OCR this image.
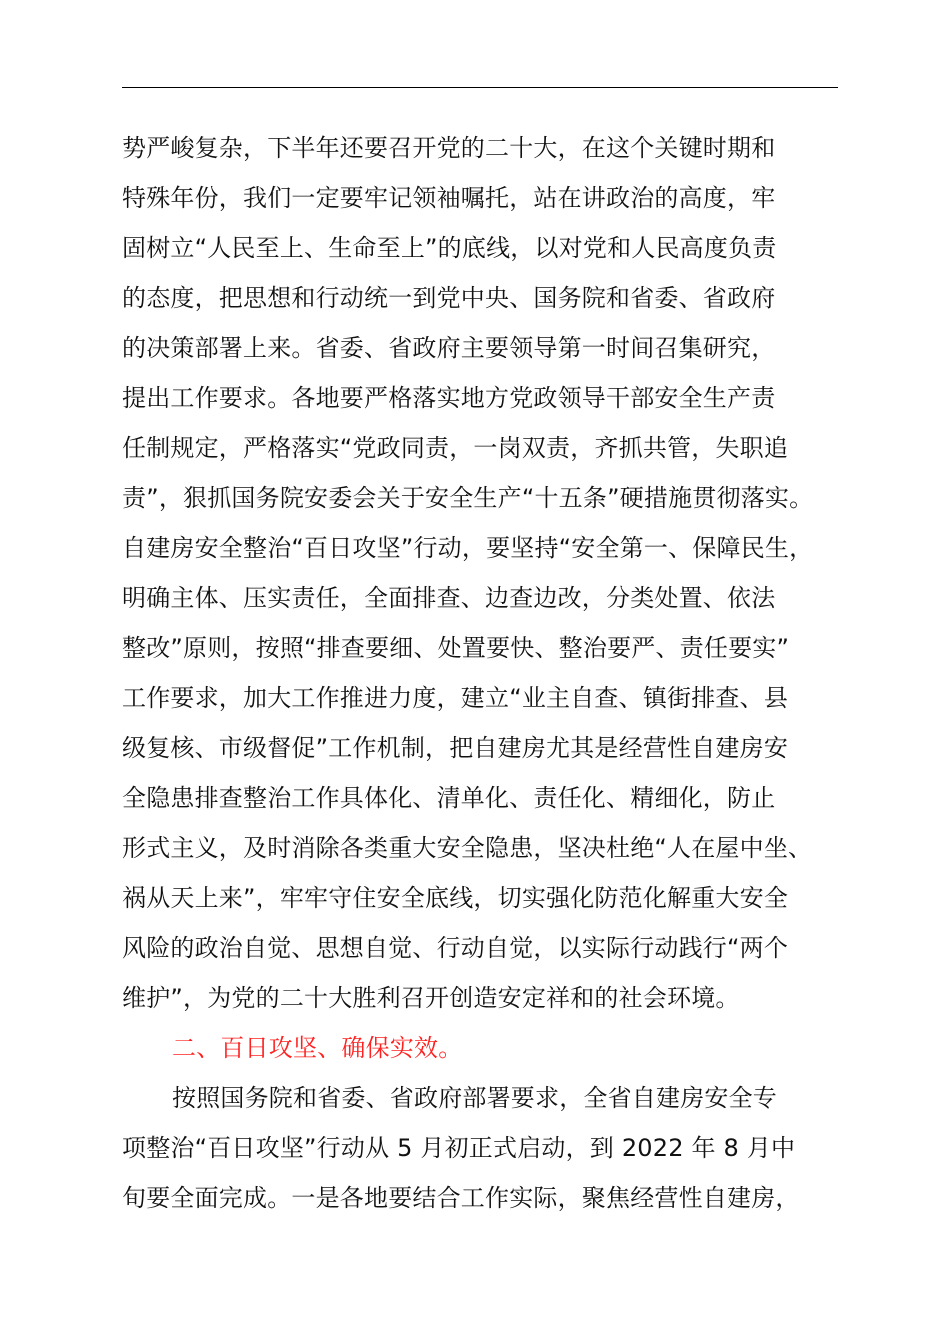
势严峻复杂，下半年还要召开党的二十大，在这个关键时期和
特殊年份，我们一定要牢记领袖嘱托，站在讲政治的高度，牢
固树立“人民至上、生命至上”的底线，以对党和人民高度负责
的态度，把思想和行动统一到党中央、国务院和省委、省政府
的决策部署上来。省委、省政府主要领导第一时间召集研究，
提出工作要求。各地要严格落实地方党政领导干部安全生产责
任制规定，严格落实“党政同责，一岗双责，齐抓共管，失职追
责”，狠抓国务院安委会关于安全生产“十五条”硬措施贯彻落实。
自建房安全整治“百日攻坚”行动，要坚持“安全第一、保障民生，
明确主体、压实责任，全面排查、边查边改，分类处置、依法
整改”原则，按照“排查要细、处置要快、整治要严、责任要实”
工作要求，加大工作推进力度，建立“业主自查、镇街排查、县
级复核、市级督促”工作机制，把自建房尤其是经营性自建房安
全隐患排查整治工作具体化、清单化、责任化、精细化，防止
形式主义，及时消除各类重大安全隐患，坚决杜绝“人在屋中坐、
祸从天上来”，牢牢守住安全底线，切实强化防范化解重大安全
风险的政治自觉、思想自觉、行动自觉，以实际行动践行“两个
维护”，为党的二十大胜利召开创造安定祥和的社会环境。
二、百日攻坚、确保实效。
按照国务院和省委、省政府部署要求，全省自建房安全专
项整治“百日攻坚”行动从 5 月初正式启动，到 2022 年 8 月中
旬要全面完成。一是各地要结合工作实际，聚焦经营性自建房，
